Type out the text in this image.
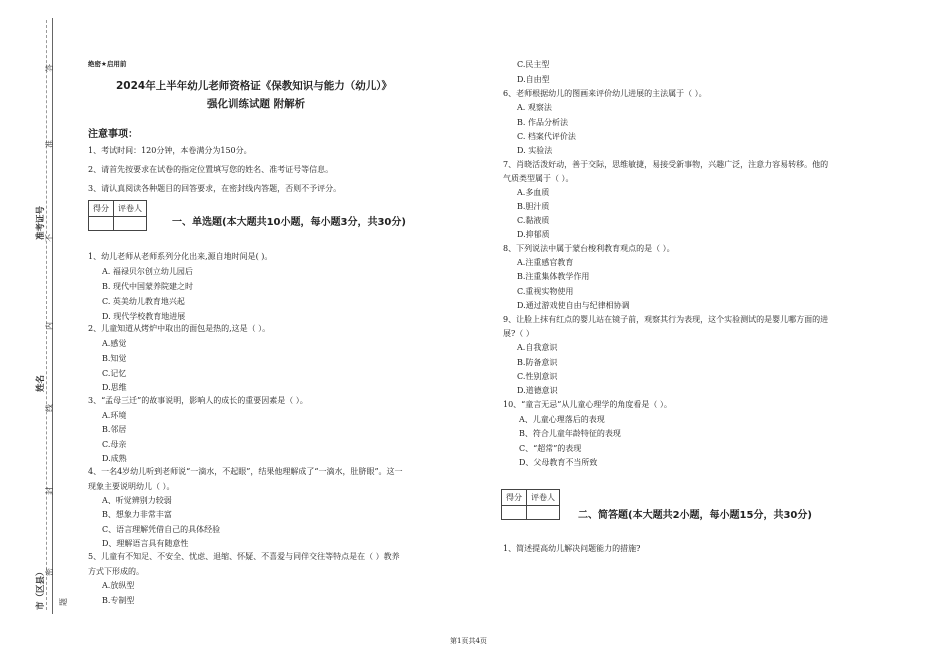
答
准
不
内
线
封
密
准考证号
姓名
市（区县） 题
绝密★启用前
2024年上半年幼儿老师资格证《保教知识与能力（幼儿）》
强化训练试题 附解析
注意事项：
1、考试时间：120分钟，本卷满分为150分。
2、请首先按要求在试卷的指定位置填写您的姓名、准考证号等信息。
3、请认真阅读各种题目的回答要求，在密封线内答题，否则不予评分。
得分	评卷人

一、单选题(本大题共10小题，每小题3分，共30分)
1、幼儿老师从老师系列分化出来,源自地时间是( )。
A. 福禄贝尔创立幼儿园后
B. 现代中国蒙养院建之时
C. 英美幼儿教育地兴起
D. 现代学校教育地进展
2、儿童知道从烤炉中取出的面包是热的,这是（ ）。
A.感觉
B.知觉
C.记忆
D.思维
3、“孟母三迁”的故事说明，影响人的成长的重要因素是（ ）。
A.环境
B.邻居
C.母亲
D.成熟
4、一名4岁幼儿听到老师说“一滴水，不起眼”，结果他理解成了“一滴水，肚脐眼”。这一
现象主要说明幼儿（ ）。
A、听觉辨别力较弱
B、想象力非常丰富
C、语言理解凭借自己的具体经验
D、理解语言具有随意性
5、儿童有不知足、不安全、忧虑、退缩、怀疑、不喜爱与同伴交往等特点是在（ ）教养
方式下形成的。
A.放纵型
B.专制型
C.民主型
D.自由型
6、老师根据幼儿的图画来评价幼儿进展的主法属于（ ）。
A. 观察法
B. 作品分析法
C. 档案代评价法
D. 实验法
7、肖晓活泼好动，善于交际，思维敏捷，易接受新事物，兴趣广泛，注意力容易转移。他的
气质类型属于（ ）。
A.多血质
B.胆汁质
C.黏液质
D.抑郁质
8、下列说法中属于蒙台梭利教育观点的是（ ）。
A.注重感官教育
B.注重集体教学作用
C.重视实物使用
D.通过游戏使自由与纪律相协调
9、让脸上抹有红点的婴儿站在镜子前，观察其行为表现，这个实验测试的是婴儿哪方面的进
展?（ ）
A.自我意识
B.防备意识
C.性别意识
D.道德意识
10、“童言无忌”从儿童心理学的角度看是（ ）。
A、儿童心理落后的表现
B、符合儿童年龄特征的表现
C、“超常”的表现
D、父母教育不当所致
得分	评卷人

二、简答题(本大题共2小题，每小题15分，共30分)
1、简述提高幼儿解决问题能力的措施?
第1页共4页
